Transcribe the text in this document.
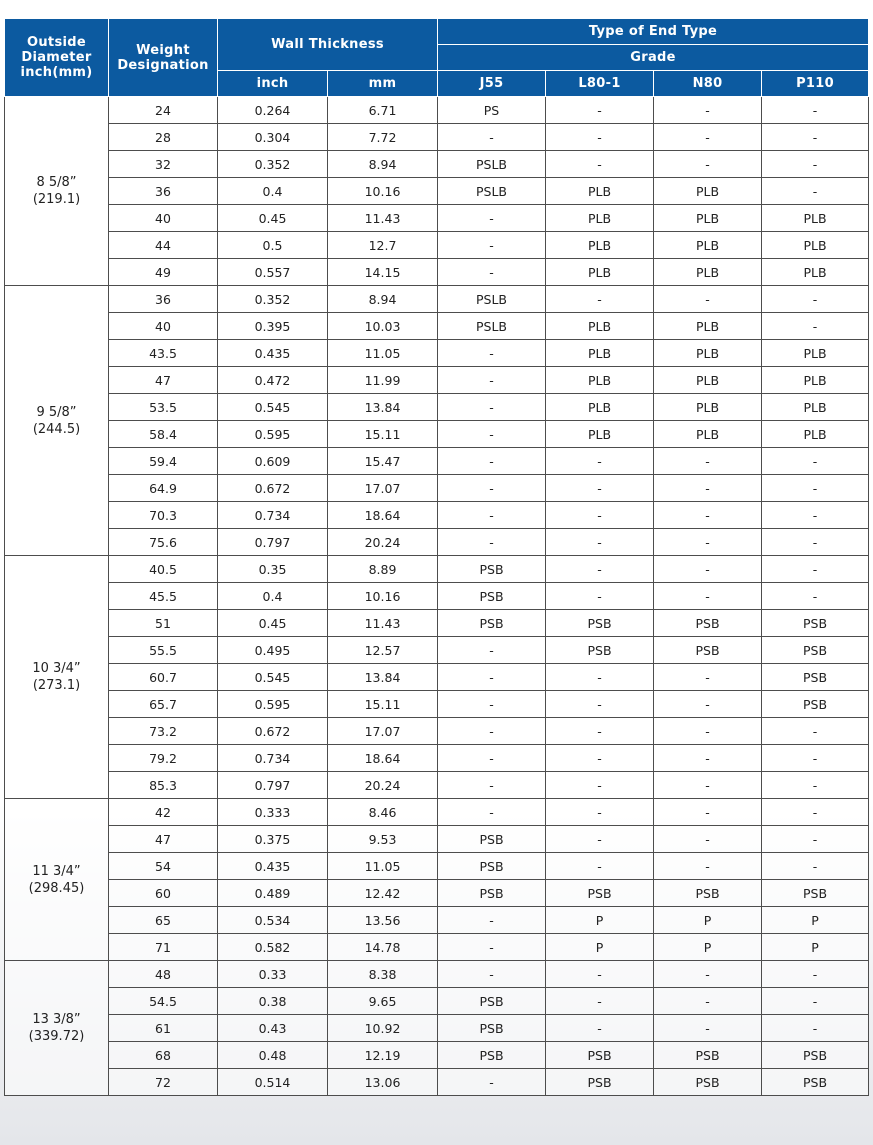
Outside
Diameter
inch(mm)	Weight
Designation	Wall Thickness		Type of End Type			
				Grade			
		inch	mm	J55	L80-1	N80	P110

8 5/8”
(219.1)	24	0.264	6.71	PS	-	-	-
	28	0.304	7.72	-	-	-	-
	32	0.352	8.94	PSLB	-	-	-
	36	0.4	10.16	PSLB	PLB	PLB	-
	40	0.45	11.43	-	PLB	PLB	PLB
	44	0.5	12.7	-	PLB	PLB	PLB
	49	0.557	14.15	-	PLB	PLB	PLB

9 5/8”
(244.5)	36	0.352	8.94	PSLB	-	-	-
	40	0.395	10.03	PSLB	PLB	PLB	-
	43.5	0.435	11.05	-	PLB	PLB	PLB
	47	0.472	11.99	-	PLB	PLB	PLB
	53.5	0.545	13.84	-	PLB	PLB	PLB
	58.4	0.595	15.11	-	PLB	PLB	PLB
	59.4	0.609	15.47	-	-	-	-
	64.9	0.672	17.07	-	-	-	-
	70.3	0.734	18.64	-	-	-	-
	75.6	0.797	20.24	-	-	-	-

10 3/4”
(273.1)	40.5	0.35	8.89	PSB	-	-	-
	45.5	0.4	10.16	PSB	-	-	-
	51	0.45	11.43	PSB	PSB	PSB	PSB
	55.5	0.495	12.57	-	PSB	PSB	PSB
	60.7	0.545	13.84	-	-	-	PSB
	65.7	0.595	15.11	-	-	-	PSB
	73.2	0.672	17.07	-	-	-	-
	79.2	0.734	18.64	-	-	-	-
	85.3	0.797	20.24	-	-	-	-

11 3/4”
(298.45)	42	0.333	8.46	-	-	-	-
	47	0.375	9.53	PSB	-	-	-
	54	0.435	11.05	PSB	-	-	-
	60	0.489	12.42	PSB	PSB	PSB	PSB
	65	0.534	13.56	-	P	P	P
	71	0.582	14.78	-	P	P	P

13 3/8”
(339.72)	48	0.33	8.38	-	-	-	-
	54.5	0.38	9.65	PSB	-	-	-
	61	0.43	10.92	PSB	-	-	-
	68	0.48	12.19	PSB	PSB	PSB	PSB
	72	0.514	13.06	-	PSB	PSB	PSB
